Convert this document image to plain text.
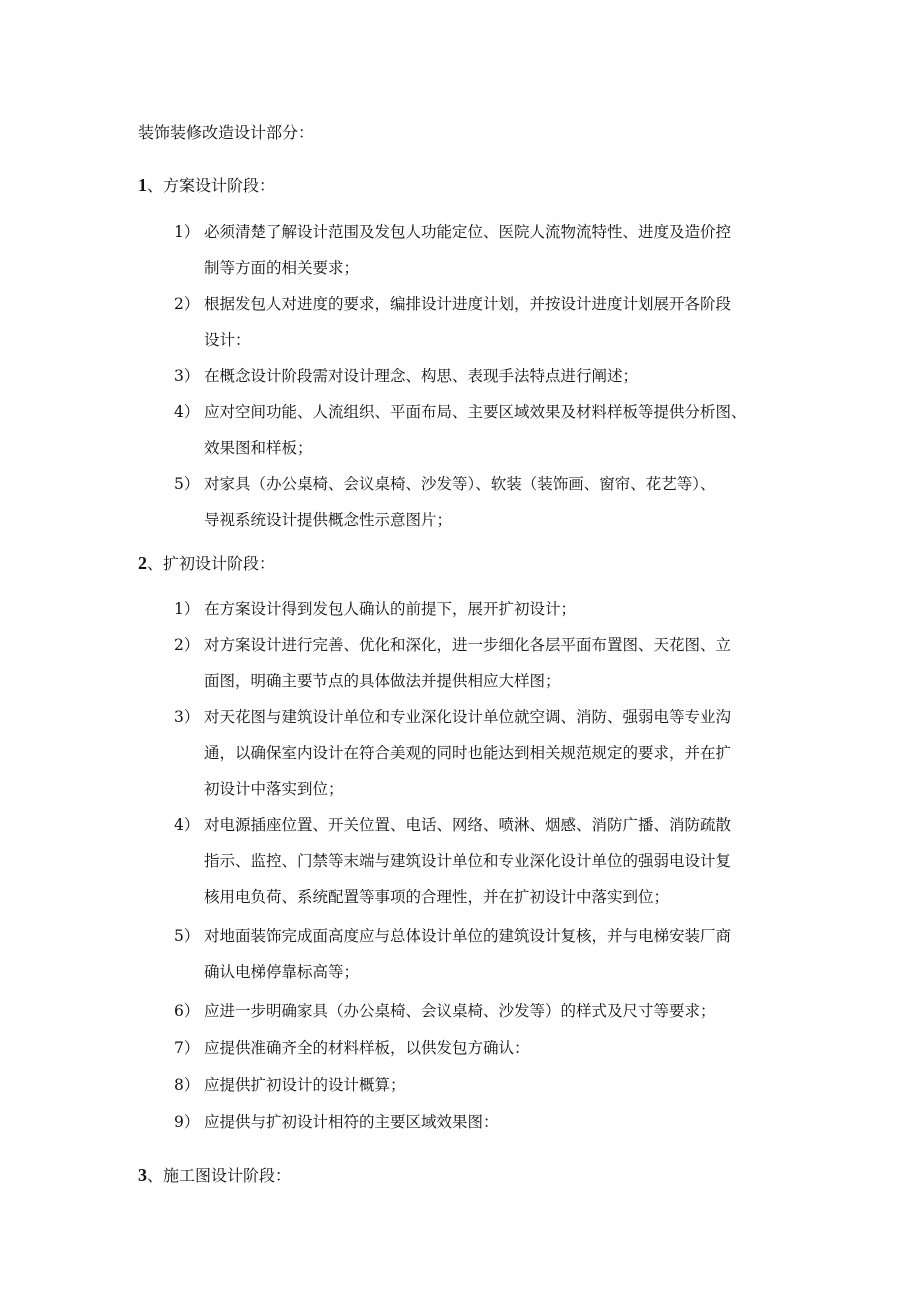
装饰装修改造设计部分：
1、方案设计阶段：
1） 必须清楚了解设计范围及发包人功能定位、医院人流物流特性、进度及造价控
制等方面的相关要求；
2） 根据发包人对进度的要求，编排设计进度计划，并按设计进度计划展开各阶段
设计：
3） 在概念设计阶段需对设计理念、构思、表现手法特点进行阐述；
4） 应对空间功能、人流组织、平面布局、主要区域效果及材料样板等提供分析图、
效果图和样板；
5） 对家具（办公桌椅、会议桌椅、沙发等）、软装（装饰画、窗帘、花艺等）、
导视系统设计提供概念性示意图片；
2、扩初设计阶段：
1） 在方案设计得到发包人确认的前提下，展开扩初设计；
2） 对方案设计进行完善、优化和深化，进一步细化各层平面布置图、天花图、立
面图，明确主要节点的具体做法并提供相应大样图；
3） 对天花图与建筑设计单位和专业深化设计单位就空调、消防、强弱电等专业沟
通，以确保室内设计在符合美观的同时也能达到相关规范规定的要求，并在扩
初设计中落实到位；
4） 对电源插座位置、开关位置、电话、网络、喷淋、烟感、消防广播、消防疏散
指示、监控、门禁等末端与建筑设计单位和专业深化设计单位的强弱电设计复
核用电负荷、系统配置等事项的合理性，并在扩初设计中落实到位；
5） 对地面装饰完成面高度应与总体设计单位的建筑设计复核，并与电梯安装厂商
确认电梯停靠标高等；
6） 应进一步明确家具（办公桌椅、会议桌椅、沙发等）的样式及尺寸等要求；
7） 应提供准确齐全的材料样板，以供发包方确认：
8） 应提供扩初设计的设计概算；
9） 应提供与扩初设计相符的主要区域效果图：
3、施工图设计阶段：
